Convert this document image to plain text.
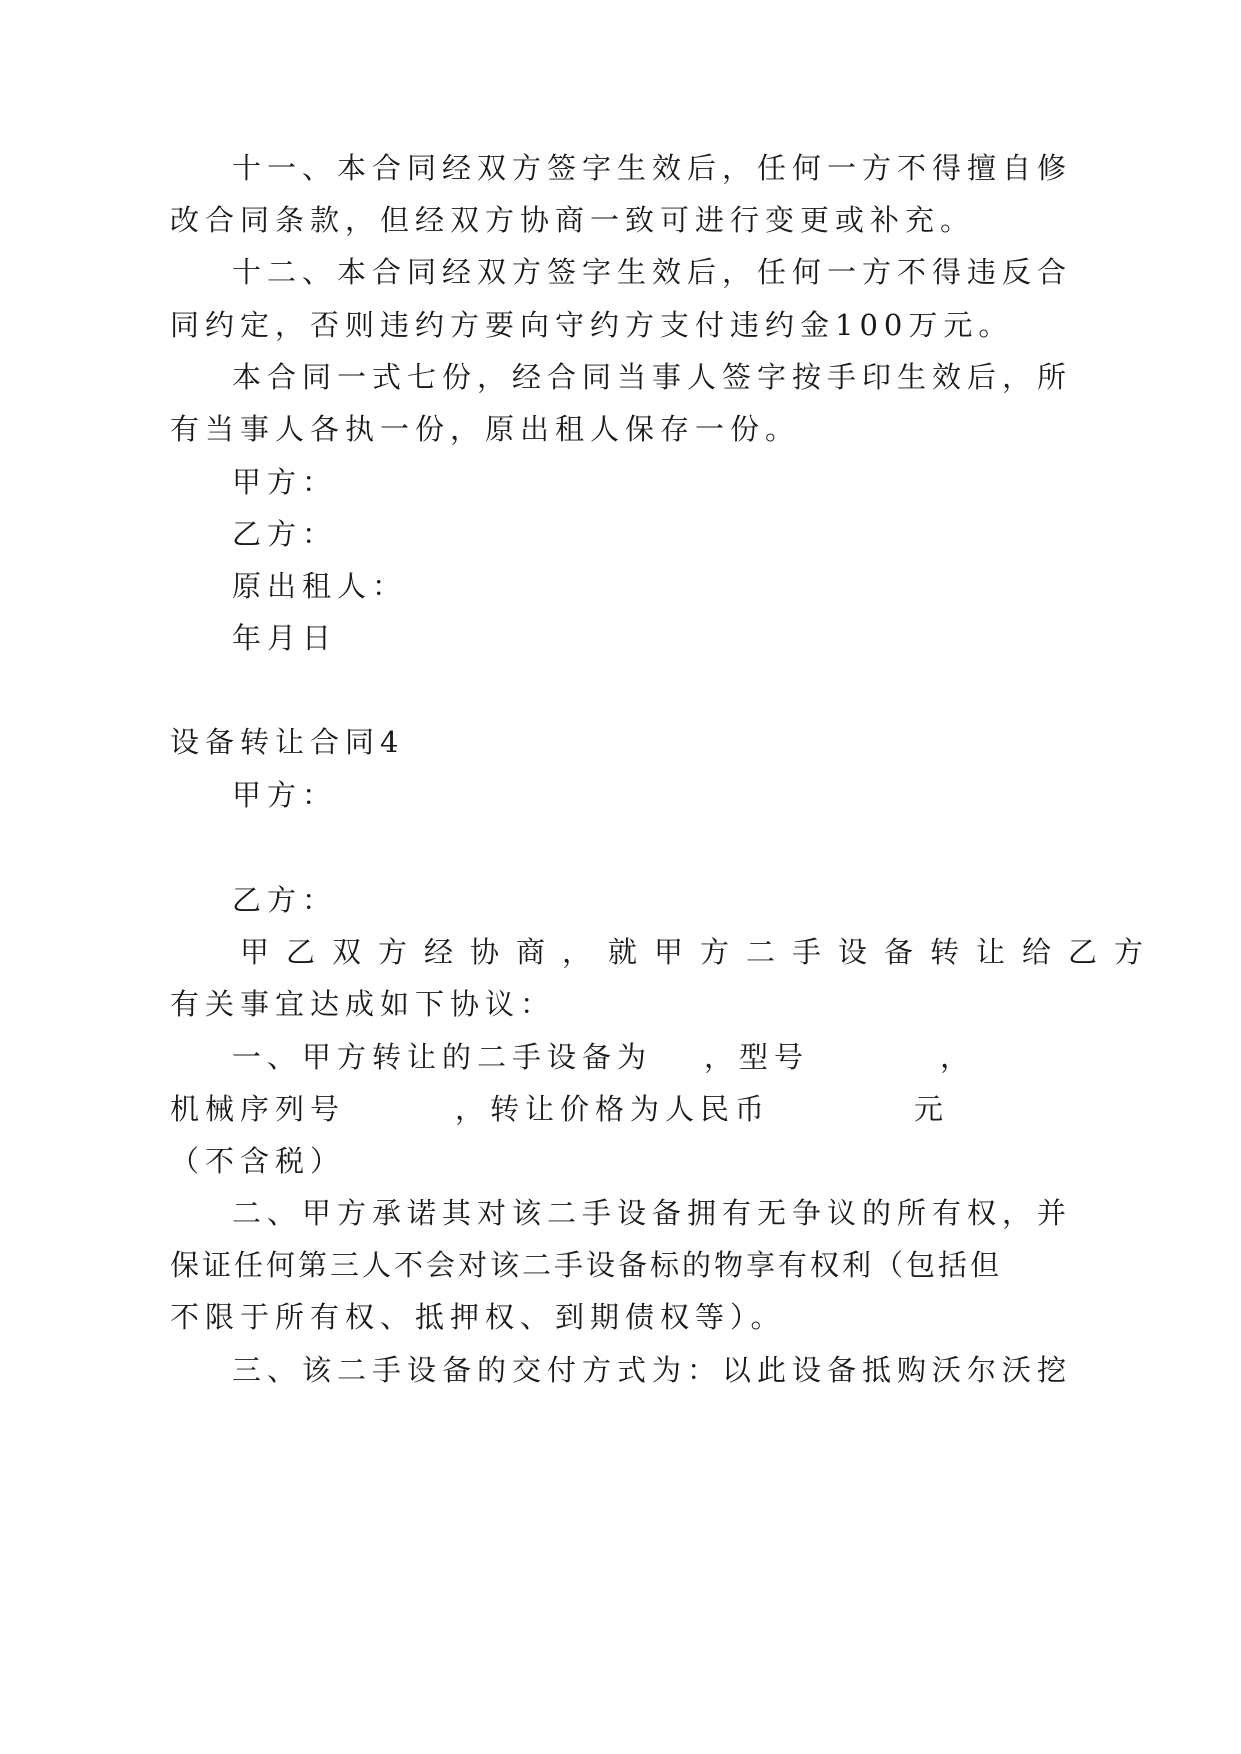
十一、本合同经双方签字生效后，任何一方不得擅自修
改合同条款，但经双方协商一致可进行变更或补充。
十二、本合同经双方签字生效后，任何一方不得违反合
同约定，否则违约方要向守约方支付违约金100万元。
本合同一式七份，经合同当事人签字按手印生效后，所
有当事人各执一份，原出租人保存一份。
甲方：
乙方：
原出租人：
年月日
设备转让合同4
甲方：
乙方：
甲乙双方经协商，就甲方二手设备转让给乙方
有关事宜达成如下协议：
一、甲方转让的二手设备为 ，型号	，
机械序列号	，转让价格为人民币	元
（不含税）
二、甲方承诺其对该二手设备拥有无争议的所有权，并
保证任何第三人不会对该二手设备标的物享有权利（包括但
不限于所有权、抵押权、到期债权等）。
三、该二手设备的交付方式为：以此设备抵购沃尔沃挖
